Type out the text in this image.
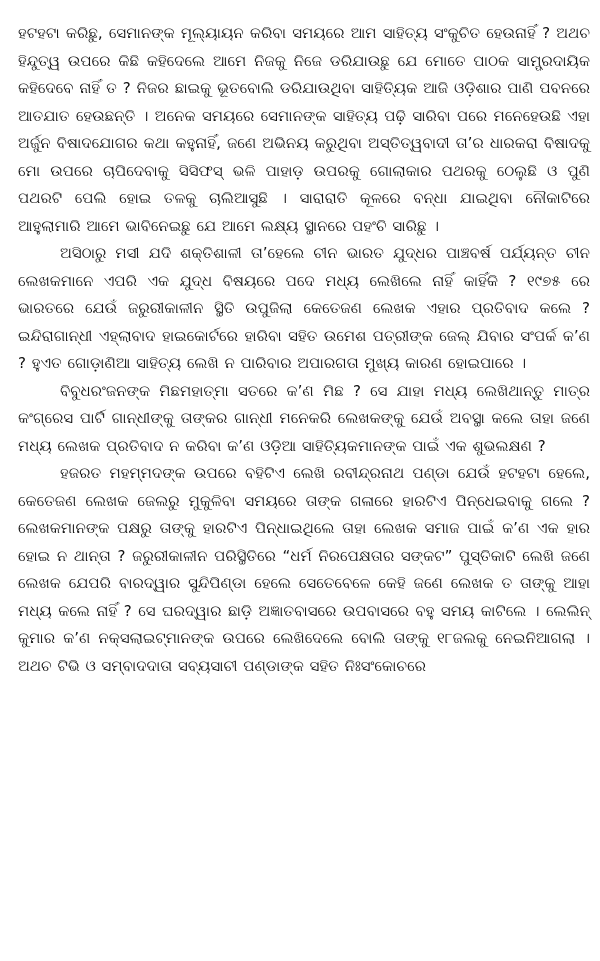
ହଟହଟା କରିଛୁ, ସେମାନଙ୍କ ମୂଲ୍ୟାୟନ କରିବା ସମୟରେ ଆମ ସାହିତ୍ୟ ସଂକୁଚିତ ହେଉନାହିଁ ? ଅଥଚ ହିନ୍ଦୁତ୍ୱ ଉପରେ କିଛି କହିଦେଲେ ଆମେ ନିଜକୁ ନିଜେ ଡରିଯାଉଛୁ ଯେ ମୋତେ ପାଠକ ସାମ୍ପ୍ରଦାୟିକ କହିଦେବେ ନାହିଁ ତ ? ନିଜର ଛାଇକୁ ଭୂତବୋଲି ଡରିଯାଉଥିବା ସାହିତ୍ୟିକ ଆଜି ଓଡ଼ିଶାର ପାଣି ପବନରେ ଆତଯାତ ହେଉଛନ୍ତି । ଅନେକ ସମୟରେ ସେମାନଙ୍କ ସାହିତ୍ୟ ପଢ଼ି ସାରିବା ପରେ ମନେହେଉଛି ଏହା ଅର୍ଜୁନ ବିଷାଦଯୋଗର କଥା କହୁନାହିଁ, ଜଣେ ଅଭିନୟ କରୁଥିବା ଅସ୍ତିତ୍ୱବାଦୀ ତା’ର ଧାରକରା ବିଷାଦକୁ ମୋ ଉପରେ ଚାପିଦେବାକୁ ସିସିଫସ୍ ଭଳି ପାହାଡ଼ ଉପରକୁ ଗୋଲାକାର ପଥରକୁ ଠେଲୁଛି ଓ ପୁଣି ପଥରଟି ପେଲି ହୋଇ ତଳକୁ ଚାଲିଆସୁଛି । ସାରାରାତି କୂଳରେ ବନ୍ଧା ଯାଇଥିବା ନୌକାଟିରେ ଆହୁଲାମାରି ଆମେ ଭାବିନେଇଛୁ ଯେ ଆମେ ଲକ୍ଷ୍ୟ ସ୍ଥାନରେ ପହଂଚି ସାରିଛୁ ।

ଅସିଠାରୁ ମସୀ ଯଦି ଶକ୍ତିଶାଳୀ ତା’ହେଲେ ଚୀନ ଭାରତ ଯୁଦ୍ଧର ପାଞ୍ଚବର୍ଷ ପର୍ଯ୍ୟନ୍ତ ଚୀନ ଲେଖକମାନେ ଏପରି ଏକ ଯୁଦ୍ଧ ବିଷୟରେ ପଦେ ମଧ୍ୟ ଲେଖିଲେ ନାହିଁ କାହିଁକି ? ୧୯୭୫ ରେ ଭାରତରେ ଯେଉଁ ଜରୁରୀକାଳୀନ ସ୍ଥିତି ଉପୁଜିଲା କେତେଜଣ ଲେଖକ ଏହାର ପ୍ରତିବାଦ କଲେ ? ଇନ୍ଦିରାଗାନ୍ଧୀ ଏହ୍ଲାବାଦ ହାଇକୋର୍ଟରେ ହାରିବା ସହିତ ଉମେଶ ପତ୍ରୀଙ୍କ ଜେଲ୍ ଯିବାର ସଂପର୍କ କ’ଣ ? ହୁଏତ ଗୋଡ଼ାଣିଆ ସାହିତ୍ୟ ଲେଖି ନ ପାରିବାର ଅପାରଗତା ମୁଖ୍ୟ କାରଣ ହୋଇପାରେ ।

ବିବୁଧରଂଜନଙ୍କ ମିଛମହାତ୍ମା ସତରେ କ’ଣ ମିଛ ? ସେ ଯାହା ମଧ୍ୟ ଲେଖିଥାନ୍ତୁ ମାତ୍ର କଂଗ୍ରେସ ପାର୍ଟି ଗାନ୍ଧୀଙ୍କୁ ତାଙ୍କର ଗାନ୍ଧୀ ମନେକରି ଲେଖକଙ୍କୁ ଯେଉଁ ଅବସ୍ଥା କଲେ ତାହା ଜଣେ ମଧ୍ୟ ଲେଖକ ପ୍ରତିବାଦ ନ କରିବା କ’ଣ ଓଡ଼ିଆ ସାହିତ୍ୟିକମାନଙ୍କ ପାଇଁ ଏକ ଶୁଭଲକ୍ଷଣ ?

ହଜରତ ମହମ୍ମଦଙ୍କ ଉପରେ ବହିଟିଏ ଲେଖି ରବୀନ୍ଦ୍ରନାଥ ପଣ୍ଡା ଯେଉଁ ହଟହଟା ହେଲେ, କେତେଜଣ ଲେଖକ ଜେଲରୁ ମୁକୁଳିବା ସମୟରେ ତାଙ୍କ ଗଳାରେ ହାରଟିଏ ପିନ୍ଧେଇବାକୁ ଗଲେ ? ଲେଖକମାନଙ୍କ ପକ୍ଷରୁ ତାଙ୍କୁ ହାରଟିଏ ପିନ୍ଧାଇଥିଲେ ତାହା ଲେଖକ ସମାଜ ପାଇଁ କ’ଣ ଏକ ହାର ହୋଇ ନ ଥାନ୍ତା ? ଜରୁରୀକାଳୀନ ପରିସ୍ଥିତିରେ “ଧର୍ମ ନିରପେକ୍ଷତାର ସଙ୍କଟ” ପୁସ୍ତିକାଟି ଲେଖି ଜଣେ ଲେଖକ ଯେପରି ବାରଦ୍ୱାର ସୁନ୍ଦିପିଣ୍ଡା ହେଲେ ସେତେବେଳେ କେହି ଜଣେ ଲେଖକ ତ ତାଙ୍କୁ ଆହା ମଧ୍ୟ କଲେ ନାହିଁ ? ସେ ଘରଦ୍ୱାର ଛାଡ଼ି ଅଜ୍ଞାତବାସରେ ଉପବାସରେ ବହୁ ସମୟ କାଟିଲେ । ଲେଲିନ୍ କୁମାର କ’ଣ ନକ୍ସଲାଇଟ୍ମାନଙ୍କ ଉପରେ ଲେଖିଦେଲେ ବୋଲି ତାଙ୍କୁ ୧୮ଜଲକୁ ନେଇନିଆଗଲା । ଅଥଚ ଟିଭି ଓ ସମ୍ବାଦଦାତା ସବ୍ୟସାଚୀ ପଣ୍ଡାଙ୍କ ସହିତ ନିଃସଂକୋଚରେ
